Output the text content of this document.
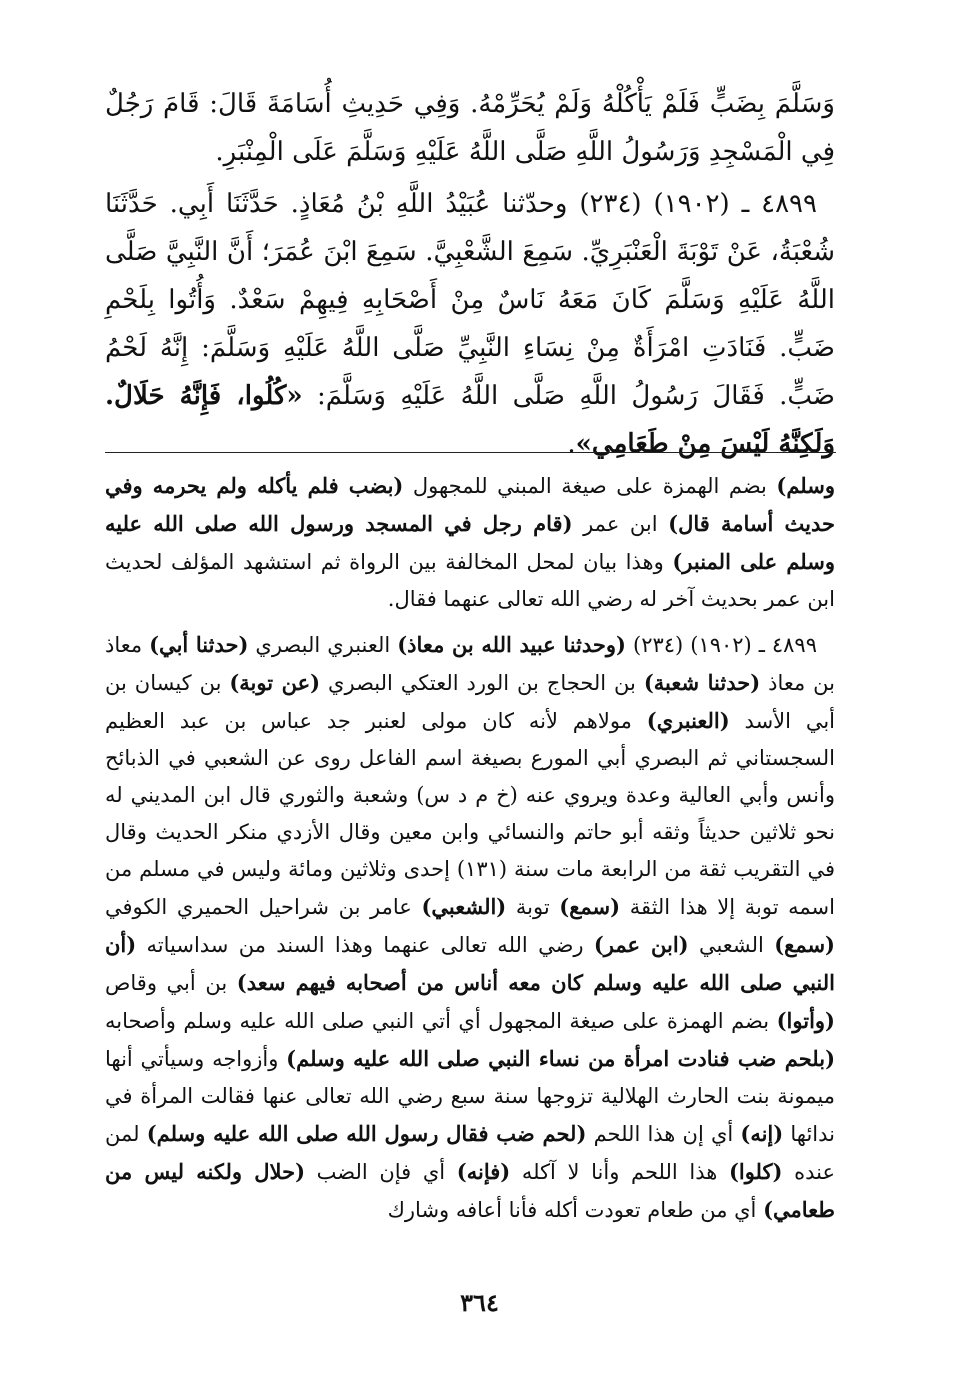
وَسَلَّمَ بِضَبٍّ فَلَمْ يَأْكُلْهُ وَلَمْ يُحَرِّمْهُ. وَفِي حَدِيثِ أُسَامَةَ قَالَ: قَامَ رَجُلٌ فِي الْمَسْجِدِ وَرَسُولُ اللَّهِ صَلَّى اللَّهُ عَلَيْهِ وَسَلَّمَ عَلَى الْمِنْبَرِ.

٤٨٩٩ ـ (١٩٠٢) (٢٣٤) وحدّثنا عُبَيْدُ اللَّهِ بْنُ مُعَاذٍ. حَدَّثَنَا أَبِي. حَدَّثَنَا شُعْبَةُ، عَنْ تَوْبَةَ الْعَنْبَرِيِّ. سَمِعَ الشَّعْبِيَّ. سَمِعَ ابْنَ عُمَرَ؛ أَنَّ النَّبِيَّ صَلَّى اللَّهُ عَلَيْهِ وَسَلَّمَ كَانَ مَعَهُ نَاسٌ مِنْ أَصْحَابِهِ فِيهِمْ سَعْدٌ. وَأُتُوا بِلَحْمِ ضَبٍّ. فَنَادَتِ امْرَأَةٌ مِنْ نِسَاءِ النَّبِيِّ صَلَّى اللَّهُ عَلَيْهِ وَسَلَّمَ: إِنَّهُ لَحْمُ ضَبٍّ. فَقَالَ رَسُولُ اللَّهِ صَلَّى اللَّهُ عَلَيْهِ وَسَلَّمَ: «كُلُوا، فَإِنَّهُ حَلَالٌ. وَلَكِنَّهُ لَيْسَ مِنْ طَعَامِي».

وسلم) بضم الهمزة على صيغة المبني للمجهول (بضب فلم يأكله ولم يحرمه وفي حديث أسامة قال) ابن عمر (قام رجل في المسجد ورسول الله صلى الله عليه وسلم على المنبر) وهذا بيان لمحل المخالفة بين الرواة ثم استشهد المؤلف لحديث ابن عمر بحديث آخر له رضي الله تعالى عنهما فقال.

٤٨٩٩ ـ (١٩٠٢) (٢٣٤) (وحدثنا عبيد الله بن معاذ) العنبري البصري (حدثنا أبي) معاذ بن معاذ (حدثنا شعبة) بن الحجاج بن الورد العتكي البصري (عن توبة) بن كيسان بن أبي الأسد (العنبري) مولاهم لأنه كان مولى لعنبر جد عباس بن عبد العظيم السجستاني ثم البصري أبي المورع بصيغة اسم الفاعل روى عن الشعبي في الذبائح وأنس وأبي العالية وعدة ويروي عنه (خ م د س) وشعبة والثوري قال ابن المديني له نحو ثلاثين حديثاً وثقه أبو حاتم والنسائي وابن معين وقال الأزدي منكر الحديث وقال في التقريب ثقة من الرابعة مات سنة (١٣١) إحدى وثلاثين ومائة وليس في مسلم من اسمه توبة إلا هذا الثقة (سمع) توبة (الشعبي) عامر بن شراحيل الحميري الكوفي (سمع) الشعبي (ابن عمر) رضي الله تعالى عنهما وهذا السند من سداسياته (أن النبي صلى الله عليه وسلم كان معه أناس من أصحابه فيهم سعد) بن أبي وقاص (وأتوا) بضم الهمزة على صيغة المجهول أي أتي النبي صلى الله عليه وسلم وأصحابه (بلحم ضب فنادت امرأة من نساء النبي صلى الله عليه وسلم) وأزواجه وسيأتي أنها ميمونة بنت الحارث الهلالية تزوجها سنة سبع رضي الله تعالى عنها فقالت المرأة في ندائها (إنه) أي إن هذا اللحم (لحم ضب فقال رسول الله صلى الله عليه وسلم) لمن عنده (كلوا) هذا اللحم وأنا لا آكله (فإنه) أي فإن الضب (حلال ولكنه ليس من طعامي) أي من طعام تعودت أكله فأنا أعافه وشارك

٣٦٤
